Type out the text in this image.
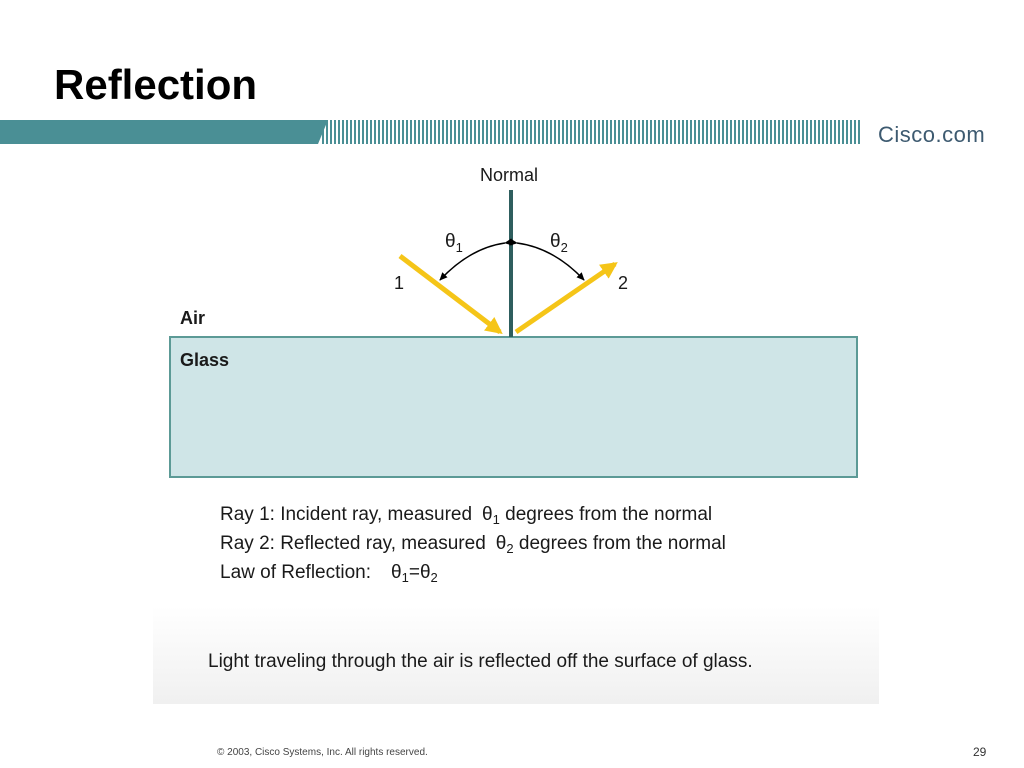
Reflection
Cisco.com
Normal
$\theta_1$	$\theta_2$
1	2
Air
Glass
Ray 1: Incident ray, measured $\theta_1$ degrees from the normal
Ray 2: Reflected ray, measured $\theta_2$ degrees from the normal
Law of Reflection: $\theta_1=\theta_2$
Light traveling through the air is reflected off the surface of glass.
© 2003, Cisco Systems, Inc. All rights reserved.	29
